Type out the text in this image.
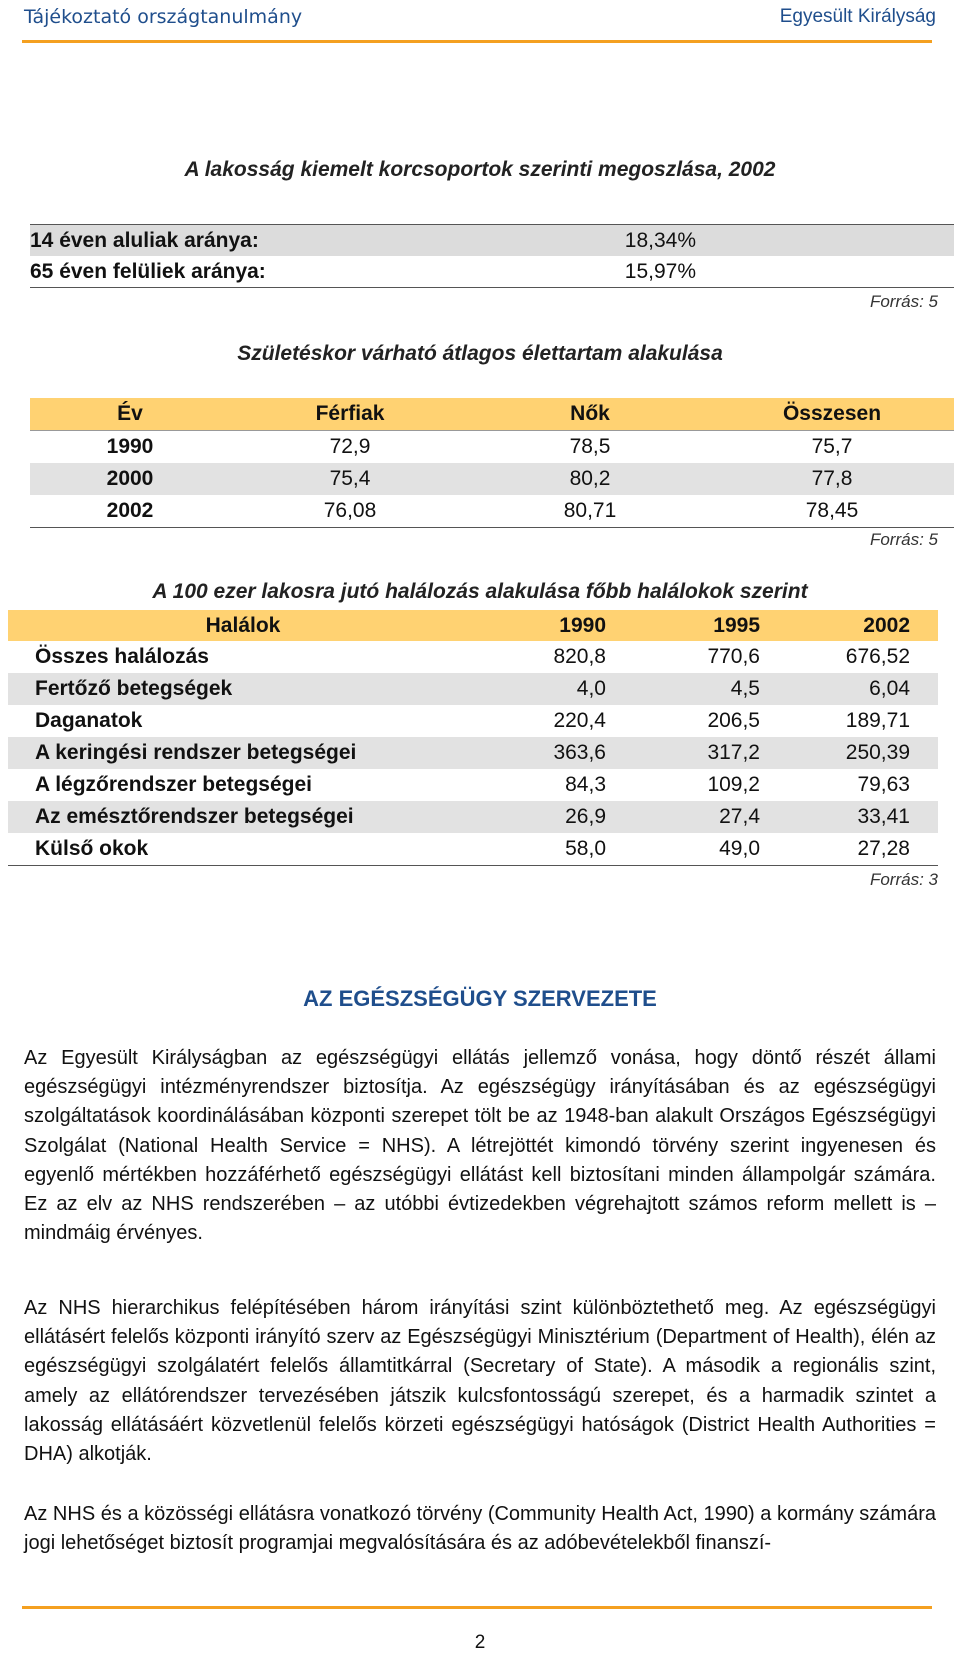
Tájékoztató országtanulmány	Egyesült Királyság
A lakosság kiemelt korcsoportok szerinti megoszlása, 2002
14 éven aluliak aránya:	18,34%	
65 éven felüliek aránya:	15,97%	
Forrás: 5
Születéskor várható átlagos élettartam alakulása
Év	Férfiak	Nők	Összesen
1990	72,9	78,5	75,7
2000	75,4	80,2	77,8
2002	76,08	80,71	78,45
Forrás: 5
A 100 ezer lakosra jutó halálozás alakulása főbb halálokok szerint
Halálok	1990	1995	2002	
Összes halálozás	820,8	770,6	676,52	
Fertőző betegségek	4,0	4,5	6,04	
Daganatok	220,4	206,5	189,71	
A keringési rendszer betegségei	363,6	317,2	250,39	
A légzőrendszer betegségei	84,3	109,2	79,63	
Az emésztőrendszer betegségei	26,9	27,4	33,41	
Külső okok	58,0	49,0	27,28	
Forrás: 3
AZ EGÉSZSÉGÜGY SZERVEZETE

Az Egyesült Királyságban az egészségügyi ellátás jellemző vonása, hogy döntő részét állami egészségügyi intézményrendszer biztosítja. Az egészségügy irányításában és az egészségügyi szolgáltatások koordinálásában központi szerepet tölt be az 1948-ban alakult Országos Egészségügyi Szolgálat (National Health Service = NHS). A létrejöttét kimondó törvény szerint ingyenesen és egyenlő mértékben hozzáférhető egészségügyi ellátást kell biztosítani minden állampolgár számára. Ez az elv az NHS rendszerében – az utóbbi évtizedekben végrehajtott számos reform mellett is – mindmáig érvényes.

Az NHS hierarchikus felépítésében három irányítási szint különböztethető meg. Az egészségügyi ellátásért felelős központi irányító szerv az Egészségügyi Minisztérium (Department of Health), élén az egészségügyi szolgálatért felelős államtitkárral (Secretary of State). A második a regionális szint, amely az ellátórendszer tervezésében játszik kulcsfontosságú szerepet, és a harmadik szintet a lakosság ellátásáért közvetlenül felelős körzeti egészségügyi hatóságok (District Health Authorities = DHA) alkotják.

Az NHS és a közösségi ellátásra vonatkozó törvény (Community Health Act, 1990) a kormány számára jogi lehetőséget biztosít programjai megvalósítására és az adóbevételekből finanszí-

2
